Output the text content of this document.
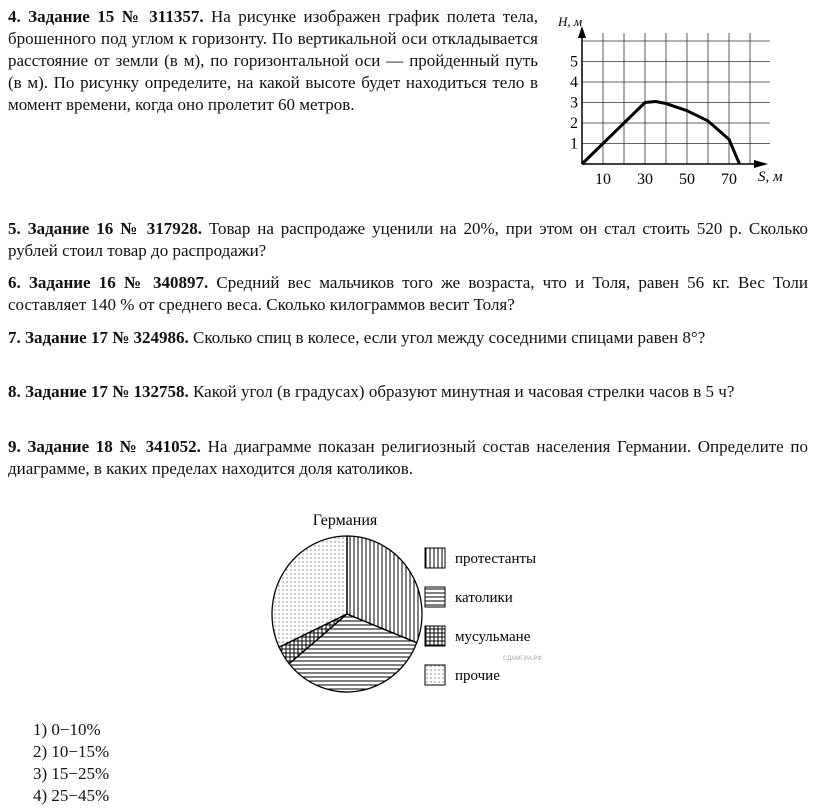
4. Задание 15 № 311357. На рисунке изображен график полета тела, брошенного под углом к горизонту. По вертикальной оси откладывается расстояние от земли (в м), по горизонтальной оси — пройденный путь (в м). По рисунку определите, на какой высоте будет находиться тело в момент времени, когда оно пролетит 60 метров.
1
2
3
4
5
10 30 50 70
H, м
S, м
5. Задание 16 № 317928. Товар на распродаже уценили на 20%, при этом он стал стоить 520 р. Сколько рублей стоил товар до распродажи?
6. Задание 16 № 340897. Средний вес мальчиков того же возраста, что и Толя, равен 56 кг. Вес Толи составляет 140 % от среднего веса. Сколько килограммов весит Толя?
7. Задание 17 № 324986. Сколько спиц в колесе, если угол между соседними спицами равен 8°?
8. Задание 17 № 132758. Какой угол (в градусах) образуют минутная и часовая стрелки часов в 5 ч?
9. Задание 18 № 341052. На диаграмме показан религиозный состав населения Германии. Определите по диаграмме, в каких пределах находится доля католиков.
Германия
протестанты
католики
мусульмане
прочие
СДАМГИА.РФ
1) 0−10%
2) 10−15%
3) 15−25%
4) 25−45%
